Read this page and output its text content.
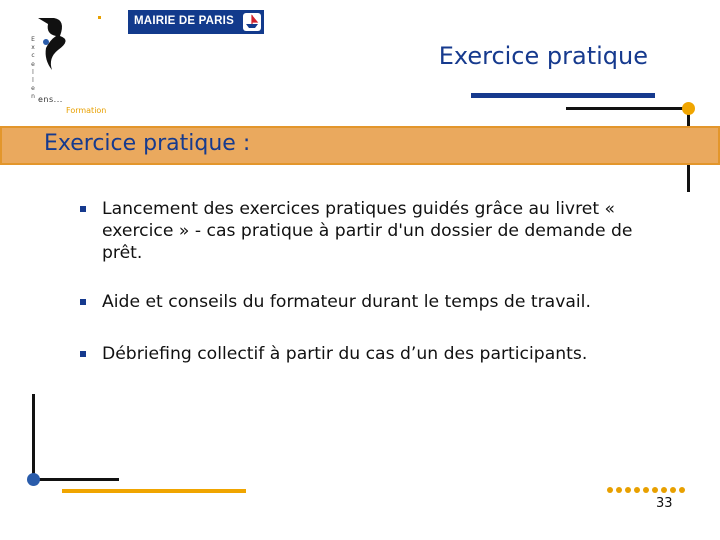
E
x
c
e
l
l
e
n ens...
Formation
MAIRIE DE PARIS
Exercice pratique
Exercice pratique :
Lancement des exercices pratiques guidés grâce au livret « exercice » - cas pratique à partir d'un dossier de demande de prêt.
Aide et conseils du formateur durant le temps de travail.
Débriefing collectif à partir du cas d’un des participants.
33
